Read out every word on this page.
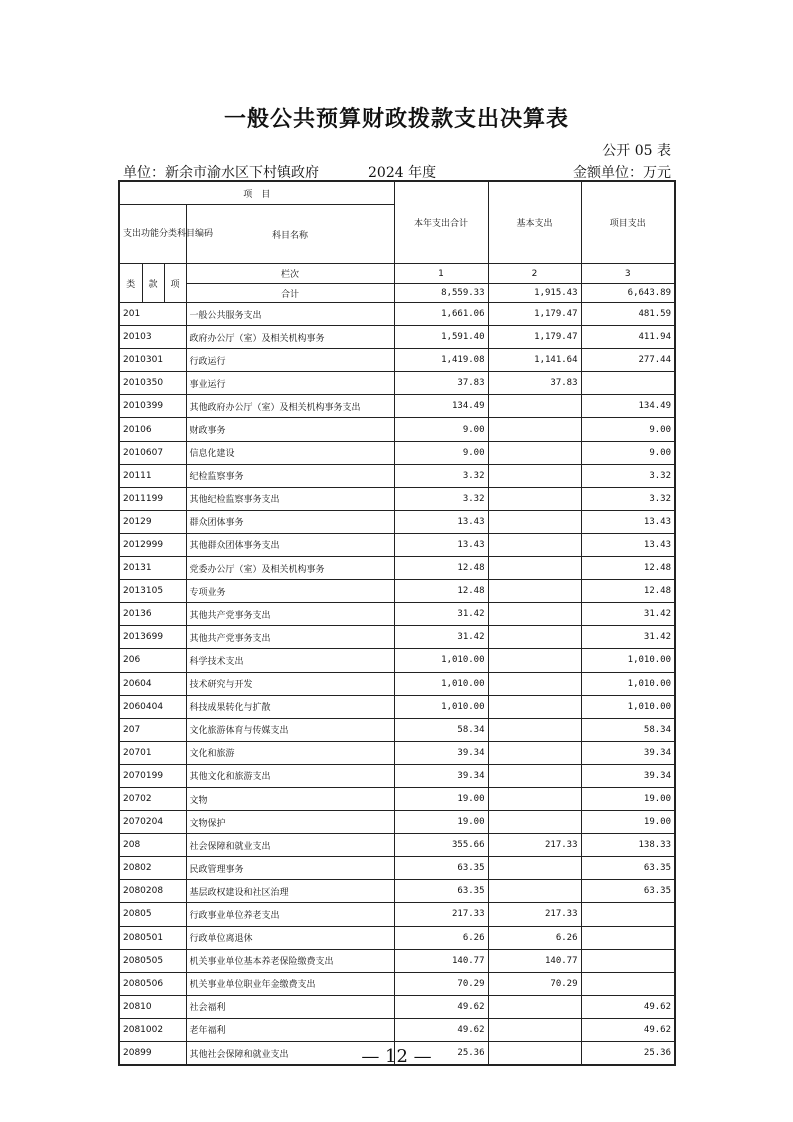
一般公共预算财政拨款支出决算表
公开 05 表
单位：新余市渝水区下村镇政府	2024 年度	金额单位：万元
项　目				本年支出合计	基本支出	项目支出
支出功能分类科目编码			科目名称			
类	款	项	栏次	1	2	3
			合计	8,559.33	1,915.43	6,643.89
201			一般公共服务支出	1,661.06	1,179.47	481.59
20103			政府办公厅（室）及相关机构事务	1,591.40	1,179.47	411.94
2010301			行政运行	1,419.08	1,141.64	277.44
2010350			事业运行	37.83	37.83	
2010399			其他政府办公厅（室）及相关机构事务支出	134.49		134.49
20106			财政事务	9.00		9.00
2010607			信息化建设	9.00		9.00
20111			纪检监察事务	3.32		3.32
2011199			其他纪检监察事务支出	3.32		3.32
20129			群众团体事务	13.43		13.43
2012999			其他群众团体事务支出	13.43		13.43
20131			党委办公厅（室）及相关机构事务	12.48		12.48
2013105			专项业务	12.48		12.48
20136			其他共产党事务支出	31.42		31.42
2013699			其他共产党事务支出	31.42		31.42
206			科学技术支出	1,010.00		1,010.00
20604			技术研究与开发	1,010.00		1,010.00
2060404			科技成果转化与扩散	1,010.00		1,010.00
207			文化旅游体育与传媒支出	58.34		58.34
20701			文化和旅游	39.34		39.34
2070199			其他文化和旅游支出	39.34		39.34
20702			文物	19.00		19.00
2070204			文物保护	19.00		19.00
208			社会保障和就业支出	355.66	217.33	138.33
20802			民政管理事务	63.35		63.35
2080208			基层政权建设和社区治理	63.35		63.35
20805			行政事业单位养老支出	217.33	217.33	
2080501			行政单位离退休	6.26	6.26	
2080505			机关事业单位基本养老保险缴费支出	140.77	140.77	
2080506			机关事业单位职业年金缴费支出	70.29	70.29	
20810			社会福利	49.62		49.62
2081002			老年福利	49.62		49.62
20899			其他社会保障和就业支出	25.36		25.36
— 12 —
